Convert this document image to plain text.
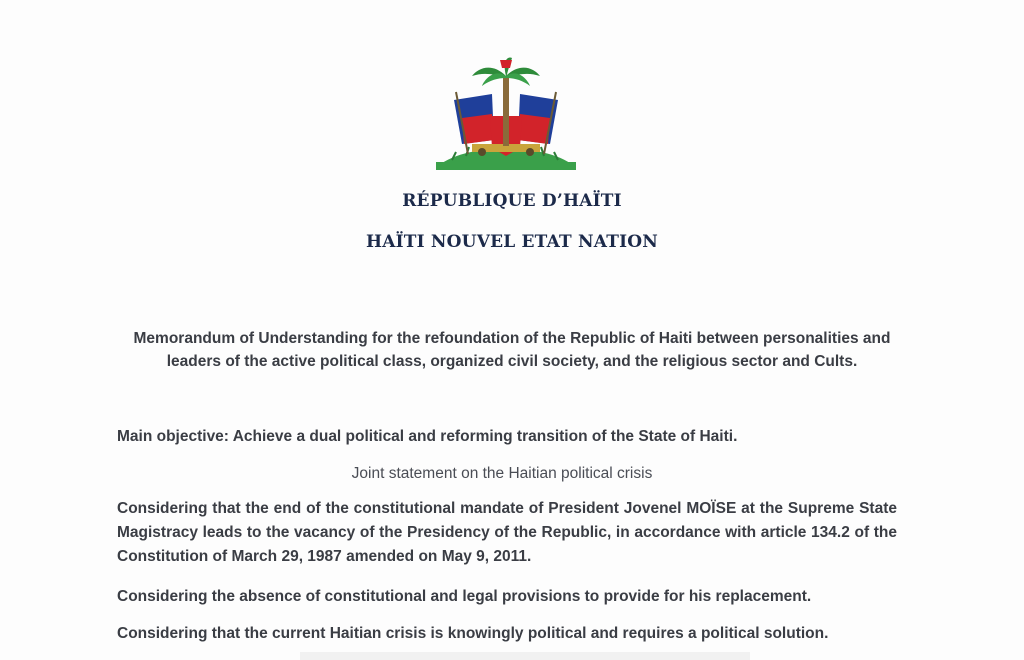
RÉPUBLIQUE D’HAÏTI
HAÏTI NOUVEL ETAT NATION
Memorandum of Understanding for the refoundation of the Republic of Haiti between personalities and leaders of the active political class, organized civil society, and the religious sector and Cults.
Main objective: Achieve a dual political and reforming transition of the State of Haiti.
Joint statement on the Haitian political crisis
Considering that the end of the constitutional mandate of President Jovenel MOÏSE at the Supreme State Magistracy leads to the vacancy of the Presidency of the Republic, in accordance with article 134.2 of the Constitution of March 29, 1987 amended on May 9, 2011.
Considering the absence of constitutional and legal provisions to provide for his replacement.
Considering that the current Haitian crisis is knowingly political and requires a political solution.
